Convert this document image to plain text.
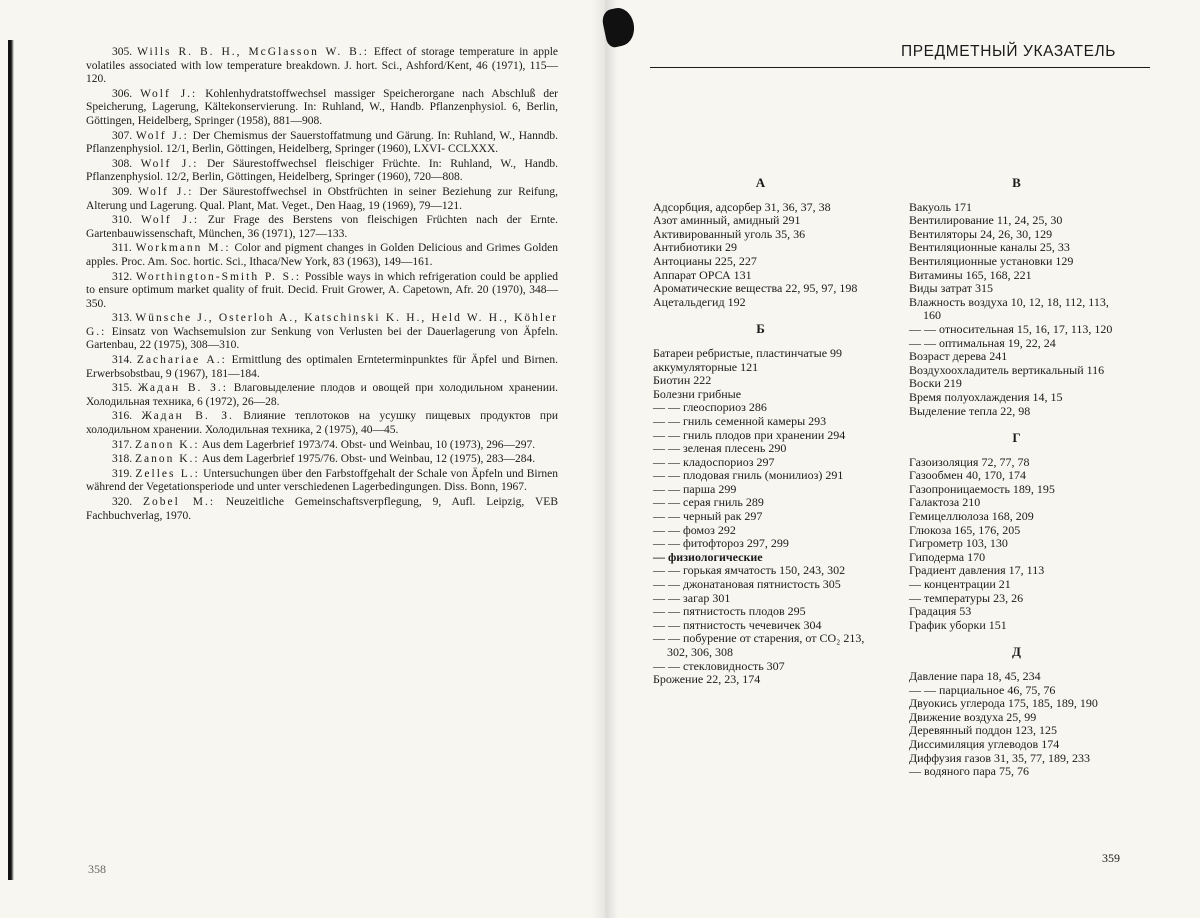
305. Wills R. B. H., McGlasson W. B.: Effect of storage temperature in apple volatiles associated with low temperature breakdown. J. hort. Sci., Ashford/Kent, 46 (1971), 115—120.

306. Wolf J.: Kohlenhydratstoffwechsel massiger Speicherorgane nach Abschluß der Speicherung, Lagerung, Kältekonservierung. In: Ruhland, W., Handb. Pflanzenphysiol. 6, Berlin, Göttingen, Heidelberg, Springer (1958), 881—908.

307. Wolf J.: Der Chemismus der Sauerstoffatmung und Gärung. In: Ruhland, W., Hanndb. Pflanzenphysiol. 12/1, Berlin, Göttingen, Heidelberg, Springer (1960), LXVI- CCLXXX.

308. Wolf J.: Der Säurestoffwechsel fleischiger Früchte. In: Ruhland, W., Handb. Pflanzenphysiol. 12/2, Berlin, Göttingen, Heidelberg, Springer (1960), 720—808.

309. Wolf J.: Der Säurestoffwechsel in Obstfrüchten in seiner Beziehung zur Reifung, Alterung und Lagerung. Qual. Plant, Mat. Veget., Den Haag, 19 (1969), 79—121.

310. Wolf J.: Zur Frage des Berstens von fleischigen Früchten nach der Ernte. Gartenbauwissenschaft, München, 36 (1971), 127—133.

311. Workmann M.: Color and pigment changes in Golden Delicious and Grimes Golden apples. Proc. Am. Soc. hortic. Sci., Ithaca/New York, 83 (1963), 149—161.

312. Worthington-Smith P. S.: Possible ways in which refrigeration could be applied to ensure optimum market quality of fruit. Decid. Fruit Grower, A. Capetown, Afr. 20 (1970), 348—350.

313. Wünsche J., Osterloh A., Katschinski K. H., Held W. H., Köhler G.: Einsatz von Wachsemulsion zur Senkung von Verlusten bei der Dauerlagerung von Äpfeln. Gartenbau, 22 (1975), 308—310.

314. Zachariae A.: Ermittlung des optimalen Ernteterminpunktes für Äpfel und Birnen. Erwerbsobstbau, 9 (1967), 181—184.

315. Жадан В. З.: Влаговыделение плодов и овощей при холодильном хранении. Холодильная техника, 6 (1972), 26—28.

316. Жадан В. З. Влияние теплотоков на усушку пищевых продуктов при холодильном хранении. Холодильная техника, 2 (1975), 40—45.

317. Zanon K.: Aus dem Lagerbrief 1973/74. Obst- und Weinbau, 10 (1973), 296—297.

318. Zanon K.: Aus dem Lagerbrief 1975/76. Obst- und Weinbau, 12 (1975), 283—284.

319. Zelles L.: Untersuchungen über den Farbstoffgehalt der Schale von Äpfeln und Birnen während der Vegetationsperiode und unter verschiedenen Lagerbedingungen. Diss. Bonn, 1967.

320. Zobel M.: Neuzeitliche Gemeinschaftsverpflegung, 9, Aufl. Leipzig, VEB Fachbuchverlag, 1970.

358
ПРЕДМЕТНЫЙ УКАЗАТЕЛЬ
А

Адсорбция, адсорбер 31, 36, 37, 38

Азот аминный, амидный 291

Активированный уголь 35, 36

Антибиотики 29

Антоцианы 225, 227

Аппарат ОРСА 131

Ароматические вещества 22, 95, 97, 198

Ацетальдегид 192

Б

Батареи ребристые, пластинчатые 99

аккумуляторные 121

Биотин 222

Болезни грибные

— — глеоспориоз 286

— — гниль семенной камеры 293

— — гниль плодов при хранении 294

— — зеленая плесень 290

— — кладоспориоз 297

— — плодовая гниль (монилиоз) 291

— — парша 299

— — серая гниль 289

— — черный рак 297

— — фомоз 292

— — фитофтороз 297, 299

— физиологические

— — горькая ямчатость 150, 243, 302

— — джонатановая пятнистость 305

— — загар 301

— — пятнистость плодов 295

— — пятнистость чечевичек 304

— — побурение от старения, от CO₂ 213, 302, 306, 308

— — стекловидность 307

Брожение 22, 23, 174

В

Вакуоль 171

Вентилирование 11, 24, 25, 30

Вентиляторы 24, 26, 30, 129

Вентиляционные каналы 25, 33

Вентиляционные установки 129

Витамины 165, 168, 221

Виды затрат 315

Влажность воздуха 10, 12, 18, 112, 113, 160

— — относительная 15, 16, 17, 113, 120

— — оптимальная 19, 22, 24

Возраст дерева 241

Воздухоохладитель вертикальный 116

Воски 219

Время полуохлаждения 14, 15

Выделение тепла 22, 98

Г

Газоизоляция 72, 77, 78

Газообмен 40, 170, 174

Газопроницаемость 189, 195

Галактоза 210

Гемицеллюлоза 168, 209

Глюкоза 165, 176, 205

Гигрометр 103, 130

Гиподерма 170

Градиент давления 17, 113

— концентрации 21

— температуры 23, 26

Градация 53

График уборки 151

Д

Давление пара 18, 45, 234

— — парциальное 46, 75, 76

Двуокись углерода 175, 185, 189, 190

Движение воздуха 25, 99

Деревянный поддон 123, 125

Диссимиляция углеводов 174

Диффузия газов 31, 35, 77, 189, 233

— водяного пара 75, 76

359
